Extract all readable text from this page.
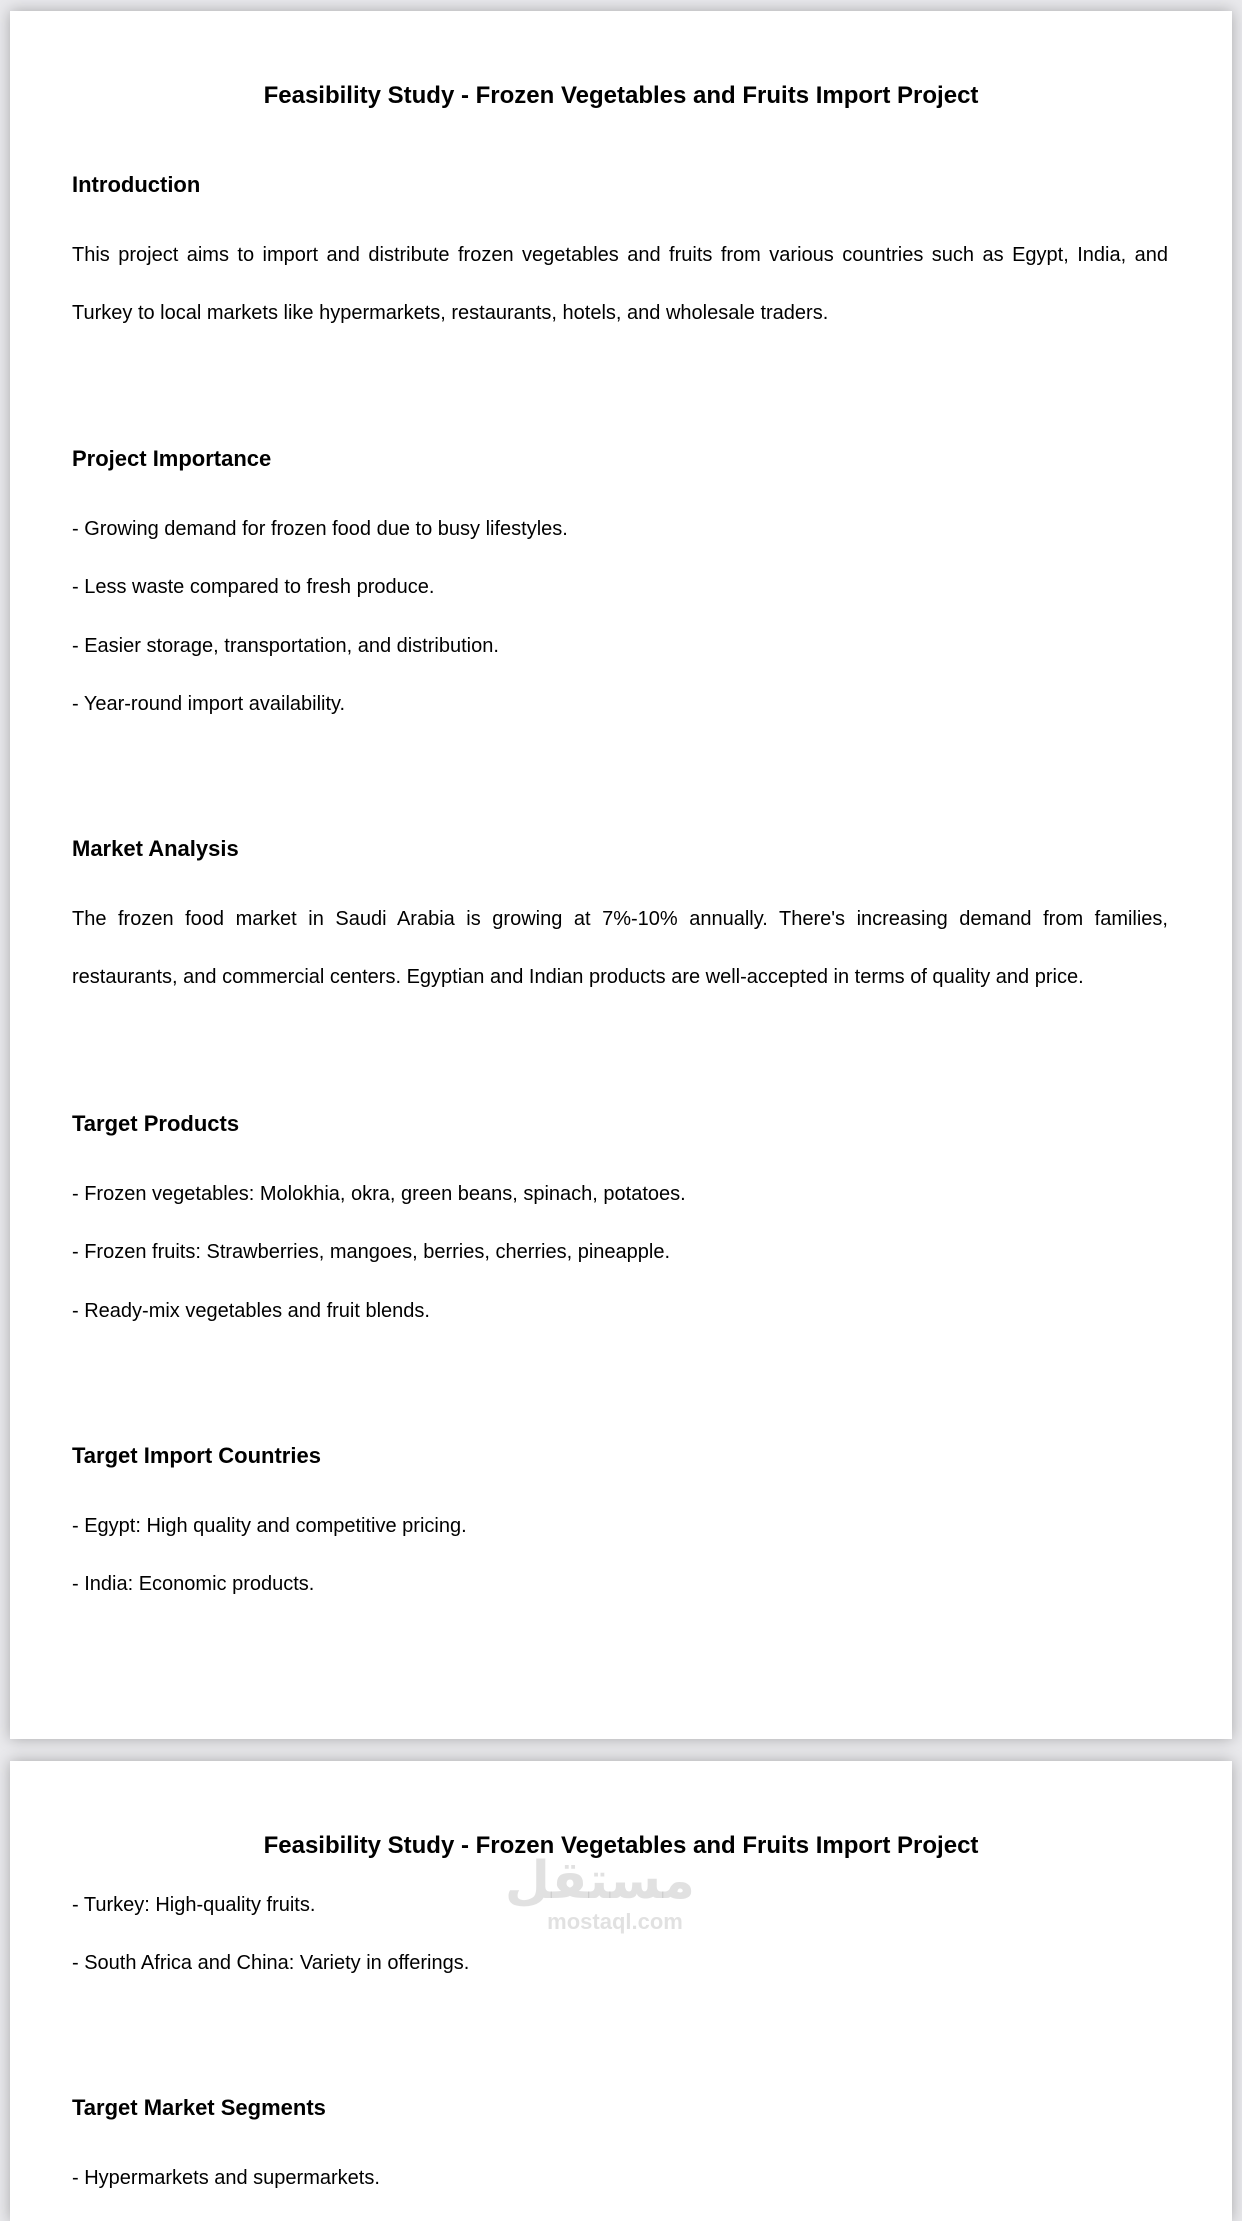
Feasibility Study - Frozen Vegetables and Fruits Import Project
Introduction

This project aims to import and distribute frozen vegetables and fruits from various countries such as Egypt, India, and Turkey to local markets like hypermarkets, restaurants, hotels, and wholesale traders.

Project Importance

- Growing demand for frozen food due to busy lifestyles.

- Less waste compared to fresh produce.

- Easier storage, transportation, and distribution.

- Year-round import availability.

Market Analysis

The frozen food market in Saudi Arabia is growing at 7%-10% annually. There's increasing demand from families, restaurants, and commercial centers. Egyptian and Indian products are well-accepted in terms of quality and price.

Target Products

- Frozen vegetables: Molokhia, okra, green beans, spinach, potatoes.

- Frozen fruits: Strawberries, mangoes, berries, cherries, pineapple.

- Ready-mix vegetables and fruit blends.

Target Import Countries

- Egypt: High quality and competitive pricing.

- India: Economic products.

Feasibility Study - Frozen Vegetables and Fruits Import Project

- Turkey: High-quality fruits.

- South Africa and China: Variety in offerings.

Target Market Segments

- Hypermarkets and supermarkets.

مستقل
mostaql.com
